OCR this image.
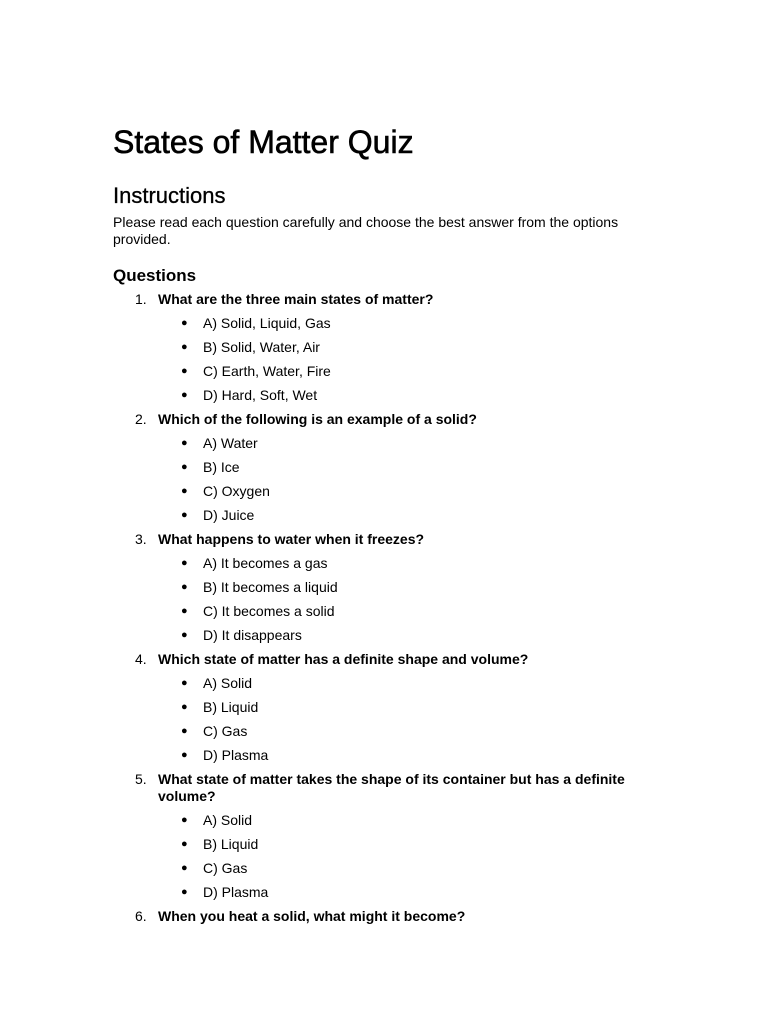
States of Matter Quiz
Instructions

Please read each question carefully and choose the best answer from the options provided.

Questions
1. What are the three main states of matter?
● A) Solid, Liquid, Gas
● B) Solid, Water, Air
● C) Earth, Water, Fire
● D) Hard, Soft, Wet
2. Which of the following is an example of a solid?
● A) Water
● B) Ice
● C) Oxygen
● D) Juice
3. What happens to water when it freezes?
● A) It becomes a gas
● B) It becomes a liquid
● C) It becomes a solid
● D) It disappears
4. Which state of matter has a definite shape and volume?
● A) Solid
● B) Liquid
● C) Gas
● D) Plasma
5. What state of matter takes the shape of its container but has a definite volume?
● A) Solid
● B) Liquid
● C) Gas
● D) Plasma
6. When you heat a solid, what might it become?
